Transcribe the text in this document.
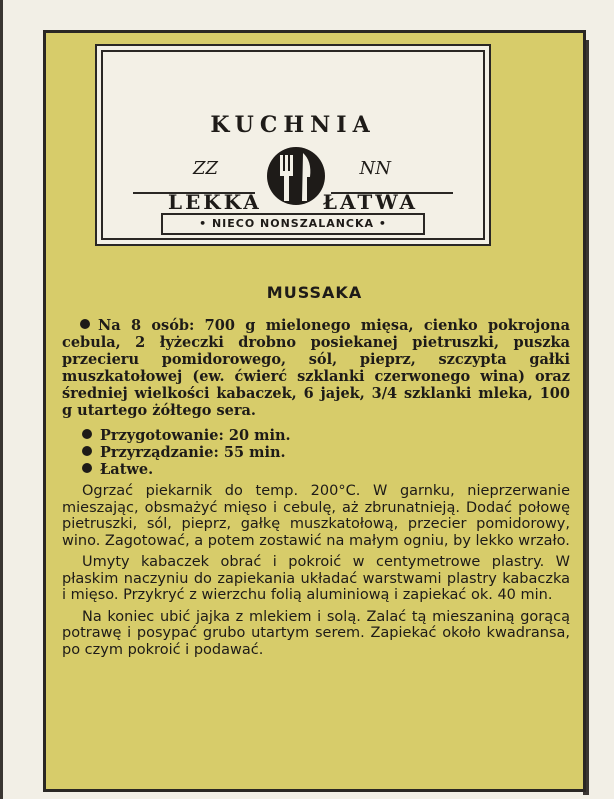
KUCHNIA
ZZ	NN
LEKKA	ŁATWA
• NIECO NONSZALANCKA •
MUSSAKA

Na 8 osób: 700 g mielonego mięsa, cienko pokrojona cebula, 2 łyżeczki drobno posiekanej pietruszki, puszka przecieru pomidorowego, sól, pieprz, szczypta gałki muszkatołowej (ew. ćwierć szklanki czerwonego wina) oraz średniej wielkości kabaczek, 6 jajek, 3/4 szklanki mleka, 100 g utartego żółtego sera.

Przygotowanie: 20 min.
Przyrządzanie: 55 min.
Łatwe.

Ogrzać piekarnik do temp. 200°C. W garnku, nieprzerwanie mieszając, obsmażyć mięso i cebulę, aż zbrunatnieją. Dodać połowę pietruszki, sól, pieprz, gałkę muszkatołową, przecier pomidorowy, wino. Zagotować, a potem zostawić na małym ogniu, by lekko wrzało.

Umyty kabaczek obrać i pokroić w centymetrowe plastry. W płaskim naczyniu do zapiekania układać warstwami plastry kabaczka i mięso. Przykryć z wierzchu folią aluminiową i zapiekać ok. 40 min.

Na koniec ubić jajka z mlekiem i solą. Zalać tą mieszaniną gorącą potrawę i posypać grubo utartym serem. Zapiekać około kwadransa, po czym pokroić i podawać.
